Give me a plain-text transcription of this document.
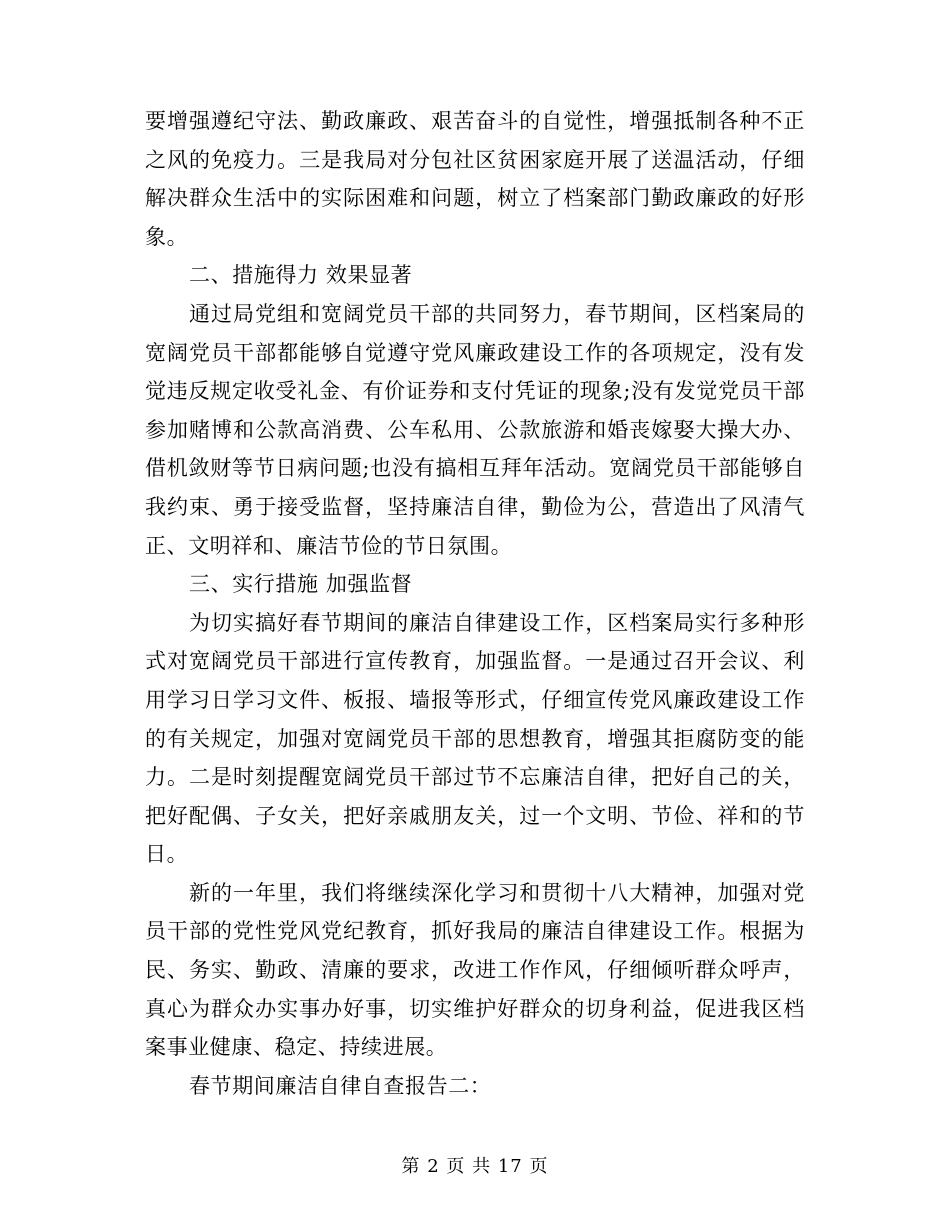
要增强遵纪守法、勤政廉政、艰苦奋斗的自觉性，增强抵制各种不正之风的免疫力。三是我局对分包社区贫困家庭开展了送温活动，仔细解决群众生活中的实际困难和问题，树立了档案部门勤政廉政的好形象。

二、措施得力 效果显著

通过局党组和宽阔党员干部的共同努力，春节期间，区档案局的宽阔党员干部都能够自觉遵守党风廉政建设工作的各项规定，没有发觉违反规定收受礼金、有价证券和支付凭证的现象;没有发觉党员干部参加赌博和公款高消费、公车私用、公款旅游和婚丧嫁娶大操大办、借机敛财等节日病问题;也没有搞相互拜年活动。宽阔党员干部能够自我约束、勇于接受监督，坚持廉洁自律，勤俭为公，营造出了风清气正、文明祥和、廉洁节俭的节日氛围。

三、实行措施 加强监督

为切实搞好春节期间的廉洁自律建设工作，区档案局实行多种形式对宽阔党员干部进行宣传教育，加强监督。一是通过召开会议、利用学习日学习文件、板报、墙报等形式，仔细宣传党风廉政建设工作的有关规定，加强对宽阔党员干部的思想教育，增强其拒腐防变的能力。二是时刻提醒宽阔党员干部过节不忘廉洁自律，把好自己的关，把好配偶、子女关，把好亲戚朋友关，过一个文明、节俭、祥和的节日。

新的一年里，我们将继续深化学习和贯彻十八大精神，加强对党员干部的党性党风党纪教育，抓好我局的廉洁自律建设工作。根据为民、务实、勤政、清廉的要求，改进工作作风，仔细倾听群众呼声，真心为群众办实事办好事，切实维护好群众的切身利益，促进我区档案事业健康、稳定、持续进展。

春节期间廉洁自律自查报告二：

第 2 页 共 17 页
